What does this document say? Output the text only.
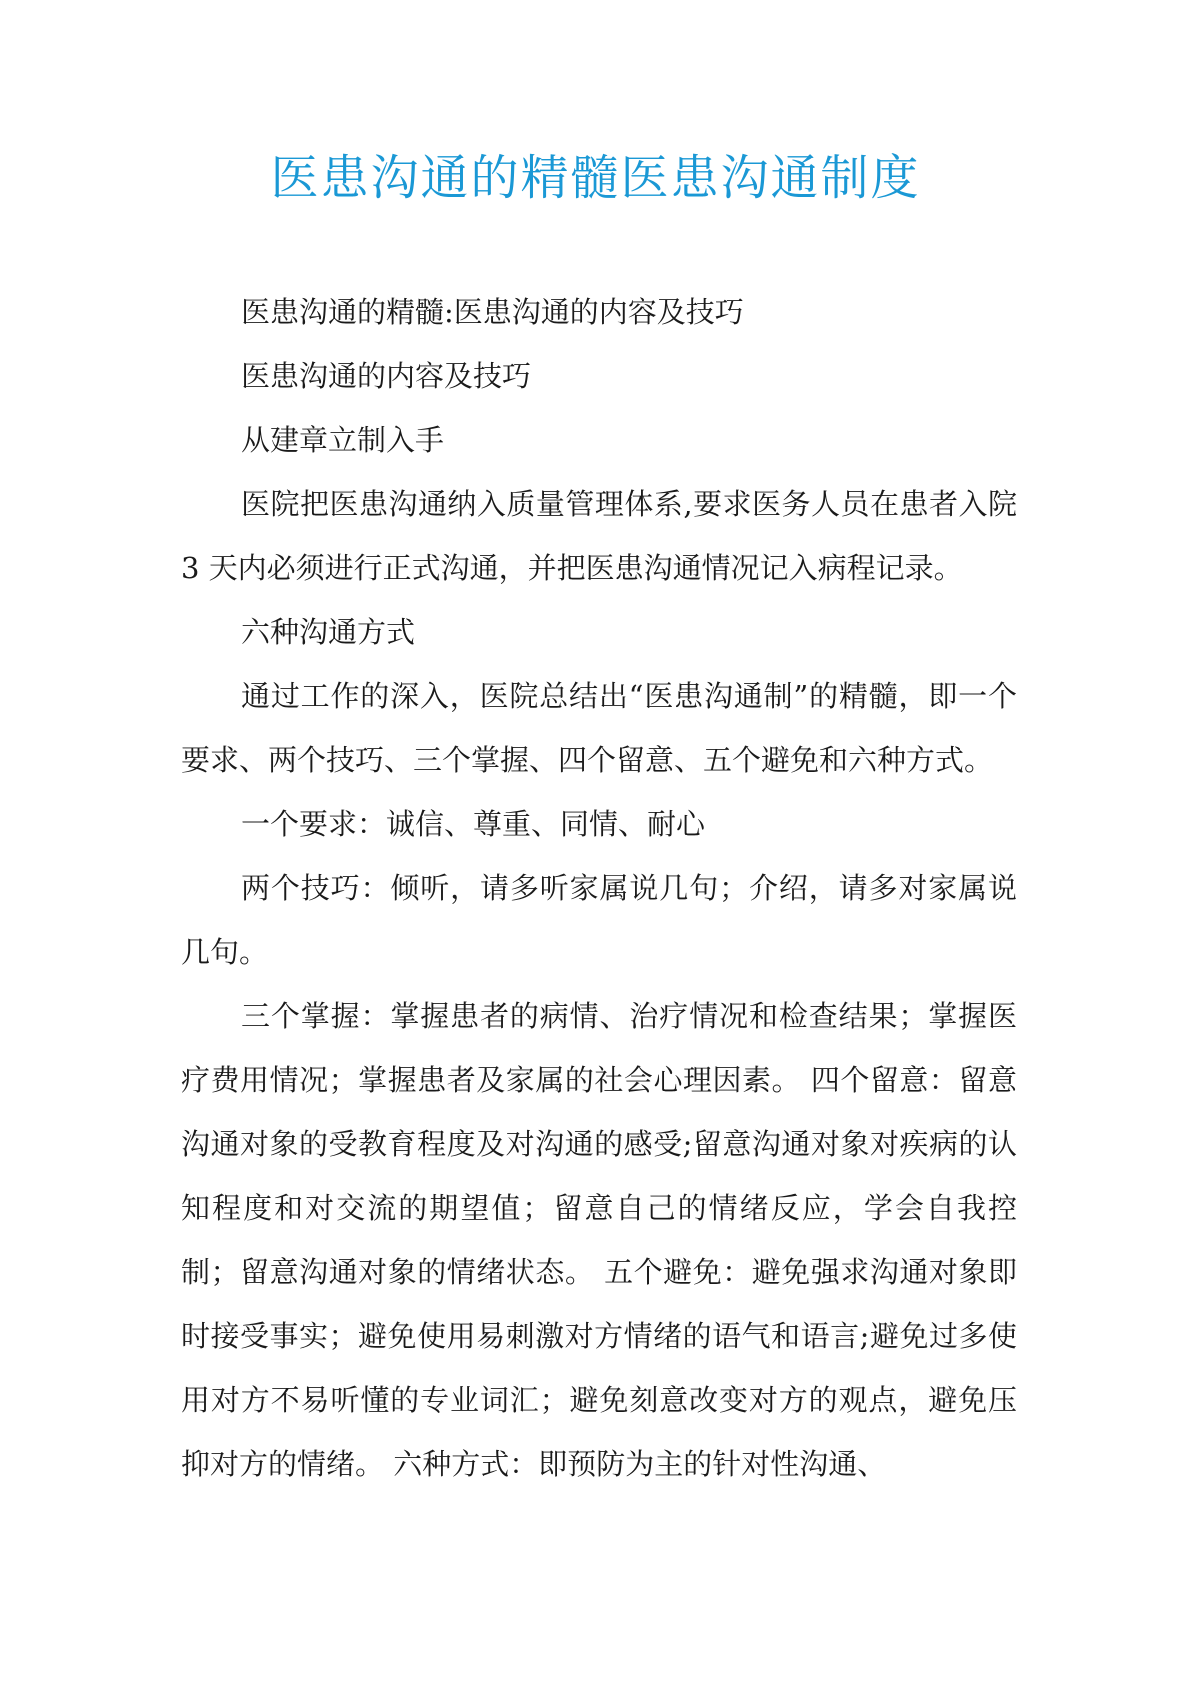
医患沟通的精髓医患沟通制度

医患沟通的精髓:医患沟通的内容及技巧

医患沟通的内容及技巧

从建章立制入手

医院把医患沟通纳入质量管理体系,要求医务人员在患者入院 3 天内必须进行正式沟通，并把医患沟通情况记入病程记录。

六种沟通方式

通过工作的深入，医院总结出“医患沟通制”的精髓，即一个要求、两个技巧、三个掌握、四个留意、五个避免和六种方式。

一个要求：诚信、尊重、同情、耐心

两个技巧：倾听，请多听家属说几句；介绍，请多对家属说几句。

三个掌握：掌握患者的病情、治疗情况和检查结果；掌握医疗费用情况；掌握患者及家属的社会心理因素。 四个留意：留意沟通对象的受教育程度及对沟通的感受;留意沟通对象对疾病的认知程度和对交流的期望值；留意自己的情绪反应，学会自我控制；留意沟通对象的情绪状态。 五个避免：避免强求沟通对象即时接受事实；避免使用易刺激对方情绪的语气和语言;避免过多使用对方不易听懂的专业词汇；避免刻意改变对方的观点，避免压抑对方的情绪。 六种方式：即预防为主的针对性沟通、
